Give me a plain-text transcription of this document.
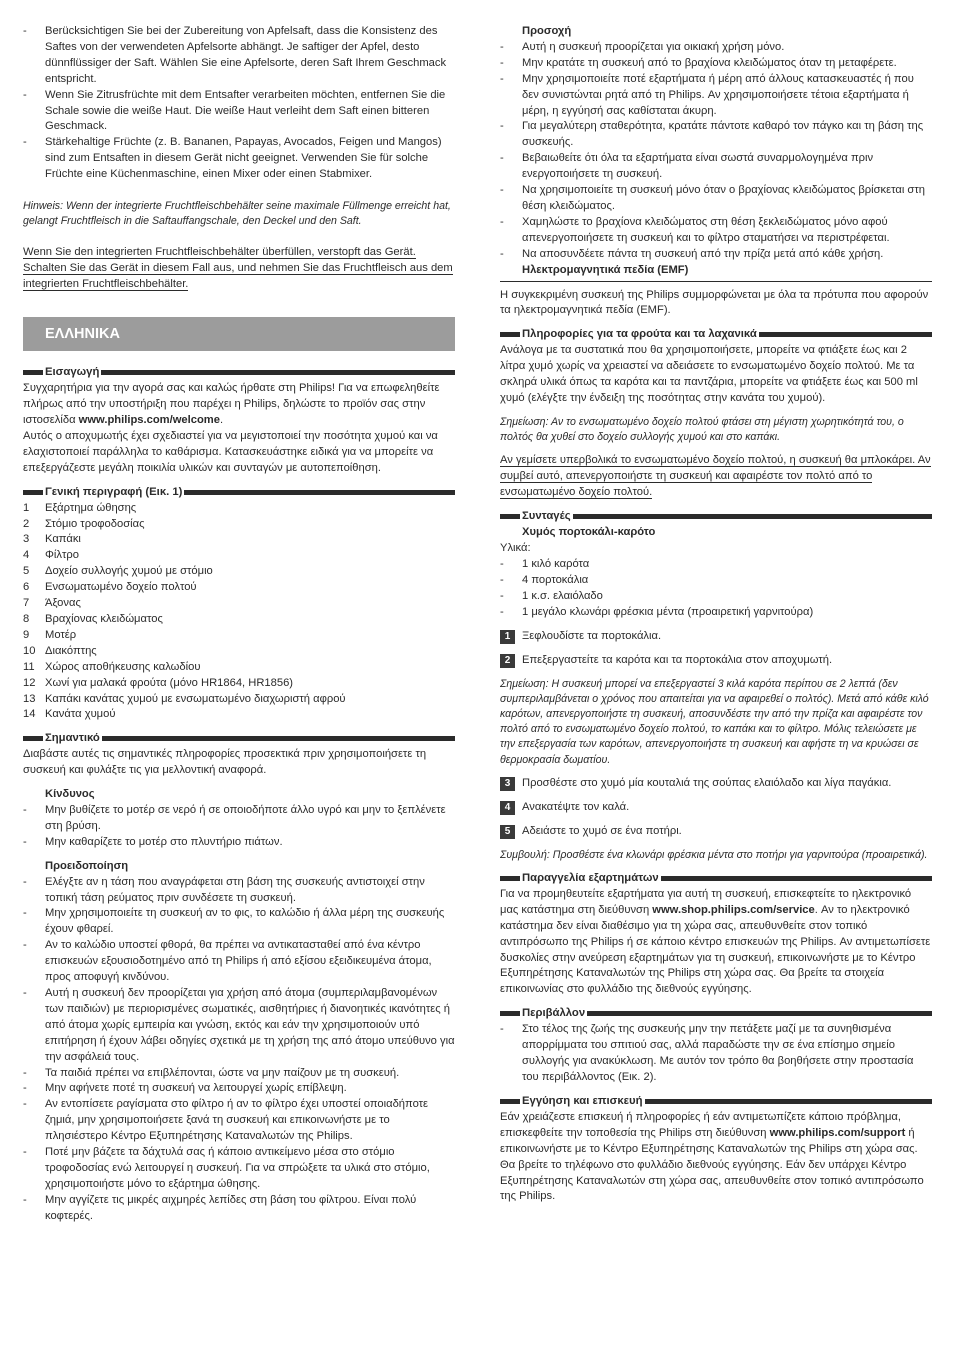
- Berücksichtigen Sie bei der Zubereitung von Apfelsaft, dass die Konsistenz des Saftes von der verwendeten Apfelsorte abhängt. Je saftiger der Apfel, desto dünnflüssiger der Saft. Wählen Sie eine Apfelsorte, deren Saft Ihrem Geschmack entspricht.

- Wenn Sie Zitrusfrüchte mit dem Entsafter verarbeiten möchten, entfernen Sie die Schale sowie die weiße Haut. Die weiße Haut verleiht dem Saft einen bitteren Geschmack.

- Stärkehaltige Früchte (z. B. Bananen, Papayas, Avocados, Feigen und Mangos) sind zum Entsaften in diesem Gerät nicht geeignet. Verwenden Sie für solche Früchte eine Küchenmaschine, einen Mixer oder einen Stabmixer.

Hinweis: Wenn der integrierte Fruchtfleischbehälter seine maximale Füllmenge erreicht hat, gelangt Fruchtfleisch in die Saftauffangschale, den Deckel und den Saft.

Wenn Sie den integrierten Fruchtfleischbehälter überfüllen, verstopft das Gerät. Schalten Sie das Gerät in diesem Fall aus, und nehmen Sie das Fruchtfleisch aus dem integrierten Fruchtfleischbehälter.

ΕΛΛΗΝΙΚΑ
Εισαγωγή

Συγχαρητήρια για την αγορά σας και καλώς ήρθατε στη Philips! Για να επωφεληθείτε πλήρως από την υποστήριξη που παρέχει η Philips, δηλώστε το προϊόν σας στην ιστοσελίδα www.philips.com/welcome.

Αυτός ο αποχυμωτής έχει σχεδιαστεί για να μεγιστοποιεί την ποσότητα χυμού και να ελαχιστοποιεί παράλληλα το καθάρισμα. Κατασκευάστηκε ειδικά για να μπορείτε να επεξεργάζεστε μεγάλη ποικιλία υλικών και συνταγών με αυτοπεποίθηση.

Γενική περιγραφή (Εικ. 1)

1 Εξάρτημα ώθησης

2 Στόμιο τροφοδοσίας

3 Καπάκι

4 Φίλτρο

5 Δοχείο συλλογής χυμού με στόμιο

6 Ενσωματωμένο δοχείο πολτού

7 Άξονας

8 Βραχίονας κλειδώματος

9 Μοτέρ

10 Διακόπτης

11 Χώρος αποθήκευσης καλωδίου

12 Χωνί για μαλακά φρούτα (μόνο HR1864, HR1856)

13 Καπάκι κανάτας χυμού με ενσωματωμένο διαχωριστή αφρού

14 Κανάτα χυμού

Σημαντικό

Διαβάστε αυτές τις σημαντικές πληροφορίες προσεκτικά πριν χρησιμοποιήσετε τη συσκευή και φυλάξτε τις για μελλοντική αναφορά.

Κίνδυνος

- Μην βυθίζετε το μοτέρ σε νερό ή σε οποιοδήποτε άλλο υγρό και μην το ξεπλένετε στη βρύση.

- Μην καθαρίζετε το μοτέρ στο πλυντήριο πιάτων.

Προειδοποίηση

- Ελέγξτε αν η τάση που αναγράφεται στη βάση της συσκευής αντιστοιχεί στην τοπική τάση ρεύματος πριν συνδέσετε τη συσκευή.

- Μην χρησιμοποιείτε τη συσκευή αν το φις, το καλώδιο ή άλλα μέρη της συσκευής έχουν φθαρεί.

- Αν το καλώδιο υποστεί φθορά, θα πρέπει να αντικατασταθεί από ένα κέντρο επισκευών εξουσιοδοτημένο από τη Philips ή από εξίσου εξειδικευμένα άτομα, προς αποφυγή κινδύνου.

- Αυτή η συσκευή δεν προορίζεται για χρήση από άτομα (συμπεριλαμβανομένων των παιδιών) με περιορισμένες σωματικές, αισθητήριες ή διανοητικές ικανότητες ή από άτομα χωρίς εμπειρία και γνώση, εκτός και εάν την χρησιμοποιούν υπό επιτήρηση ή έχουν λάβει οδηγίες σχετικά με τη χρήση της από άτομο υπεύθυνο για την ασφάλειά τους.

- Τα παιδιά πρέπει να επιβλέπονται, ώστε να μην παίζουν με τη συσκευή.

- Μην αφήνετε ποτέ τη συσκευή να λειτουργεί χωρίς επίβλεψη.

- Αν εντοπίσετε ραγίσματα στο φίλτρο ή αν το φίλτρο έχει υποστεί οποιαδήποτε ζημιά, μην χρησιμοποιήσετε ξανά τη συσκευή και επικοινωνήστε με το πλησιέστερο Κέντρο Εξυπηρέτησης Καταναλωτών της Philips.

- Ποτέ μην βάζετε τα δάχτυλά σας ή κάποιο αντικείμενο μέσα στο στόμιο τροφοδοσίας ενώ λειτουργεί η συσκευή. Για να σπρώξετε τα υλικά στο στόμιο, χρησιμοποιήστε μόνο το εξάρτημα ώθησης.

- Μην αγγίζετε τις μικρές αιχμηρές λεπίδες στη βάση του φίλτρου. Είναι πολύ κοφτερές.

Προσοχή

- Αυτή η συσκευή προορίζεται για οικιακή χρήση μόνο.

- Μην κρατάτε τη συσκευή από το βραχίονα κλειδώματος όταν τη μεταφέρετε.

- Μην χρησιμοποιείτε ποτέ εξαρτήματα ή μέρη από άλλους κατασκευαστές ή που δεν συνιστώνται ρητά από τη Philips. Αν χρησιμοποιήσετε τέτοια εξαρτήματα ή μέρη, η εγγύησή σας καθίσταται άκυρη.

- Για μεγαλύτερη σταθερότητα, κρατάτε πάντοτε καθαρό τον πάγκο και τη βάση της συσκευής.

- Βεβαιωθείτε ότι όλα τα εξαρτήματα είναι σωστά συναρμολογημένα πριν ενεργοποιήσετε τη συσκευή.

- Να χρησιμοποιείτε τη συσκευή μόνο όταν ο βραχίονας κλειδώματος βρίσκεται στη θέση κλειδώματος.

- Χαμηλώστε το βραχίονα κλειδώματος στη θέση ξεκλειδώματος μόνο αφού απενεργοποιήσετε τη συσκευή και το φίλτρο σταματήσει να περιστρέφεται.

- Να αποσυνδέετε πάντα τη συσκευή από την πρίζα μετά από κάθε χρήση.

Ηλεκτρομαγνητικά πεδία (EMF)

Η συγκεκριμένη συσκευή της Philips συμμορφώνεται με όλα τα πρότυπα που αφορούν τα ηλεκτρομαγνητικά πεδία (EMF).

Πληροφορίες για τα φρούτα και τα λαχανικά

Ανάλογα με τα συστατικά που θα χρησιμοποιήσετε, μπορείτε να φτιάξετε έως και 2 λίτρα χυμό χωρίς να χρειαστεί να αδειάσετε το ενσωματωμένο δοχείο πολτού. Με τα σκληρά υλικά όπως τα καρότα και τα παντζάρια, μπορείτε να φτιάξετε έως και 500 ml χυμό (ελέγξτε την ένδειξη της ποσότητας στην κανάτα του χυμού).

Σημείωση: Αν το ενσωματωμένο δοχείο πολτού φτάσει στη μέγιστη χωρητικότητά του, ο πολτός θα χυθεί στο δοχείο συλλογής χυμού και στο καπάκι.

Αν γεμίσετε υπερβολικά το ενσωματωμένο δοχείο πολτού, η συσκευή θα μπλοκάρει. Αν συμβεί αυτό, απενεργοποιήστε τη συσκευή και αφαιρέστε τον πολτό από το ενσωματωμένο δοχείο πολτού.

Συνταγές

Χυμός πορτοκάλι-καρότο

Υλικά:

- 1 κιλό καρότα

- 4 πορτοκάλια

- 1 κ.σ. ελαιόλαδο

- 1 μεγάλο κλωνάρι φρέσκια μέντα (προαιρετική γαρνιτούρα)

1	Ξεφλουδίστε τα πορτοκάλια.
2	Επεξεργαστείτε τα καρότα και τα πορτοκάλια στον αποχυμωτή.

Σημείωση: Η συσκευή μπορεί να επεξεργαστεί 3 κιλά καρότα περίπου σε 2 λεπτά (δεν συμπεριλαμβάνεται ο χρόνος που απαιτείται για να αφαιρεθεί ο πολτός). Μετά από κάθε κιλό καρότων, απενεργοποιήστε τη συσκευή, αποσυνδέστε την από την πρίζα και αφαιρέστε τον πολτό από το ενσωματωμένο δοχείο πολτού, το καπάκι και το φίλτρο. Μόλις τελειώσετε με την επεξεργασία των καρότων, απενεργοποιήστε τη συσκευή και αφήστε τη να κρυώσει σε θερμοκρασία δωματίου.

3	Προσθέστε στο χυμό μία κουταλιά της σούπας ελαιόλαδο και λίγα παγάκια.
4	Ανακατέψτε τον καλά.
5	Αδειάστε το χυμό σε ένα ποτήρι.

Συμβουλή: Προσθέστε ένα κλωνάρι φρέσκια μέντα στο ποτήρι για γαρνιτούρα (προαιρετικά).

Παραγγελία εξαρτημάτων

Για να προμηθευτείτε εξαρτήματα για αυτή τη συσκευή, επισκεφτείτε το ηλεκτρονικό μας κατάστημα στη διεύθυνση www.shop.philips.com/service. Αν το ηλεκτρονικό κατάστημα δεν είναι διαθέσιμο για τη χώρα σας, απευθυνθείτε στον τοπικό αντιπρόσωπο της Philips ή σε κάποιο κέντρο επισκευών της Philips. Αν αντιμετωπίσετε δυσκολίες στην ανεύρεση εξαρτημάτων για τη συσκευή, επικοινωνήστε με το Κέντρο Εξυπηρέτησης Καταναλωτών της Philips στη χώρα σας. Θα βρείτε τα στοιχεία επικοινωνίας στο φυλλάδιο της διεθνούς εγγύησης.

Περιβάλλον

- Στο τέλος της ζωής της συσκευής μην την πετάξετε μαζί με τα συνηθισμένα απορρίμματα του σπιτιού σας, αλλά παραδώστε την σε ένα επίσημο σημείο συλλογής για ανακύκλωση. Με αυτόν τον τρόπο θα βοηθήσετε στην προστασία του περιβάλλοντος (Εικ. 2).

Εγγύηση και επισκευή

Εάν χρειάζεστε επισκευή ή πληροφορίες ή εάν αντιμετωπίζετε κάποιο πρόβλημα, επισκεφθείτε την τοποθεσία της Philips στη διεύθυνση www.philips.com/support ή επικοινωνήστε με το Κέντρο Εξυπηρέτησης Καταναλωτών της Philips στη χώρα σας. Θα βρείτε το τηλέφωνο στο φυλλάδιο διεθνούς εγγύησης. Εάν δεν υπάρχει Κέντρο Εξυπηρέτησης Καταναλωτών στη χώρα σας, απευθυνθείτε στον τοπικό αντιπρόσωπο της Philips.
